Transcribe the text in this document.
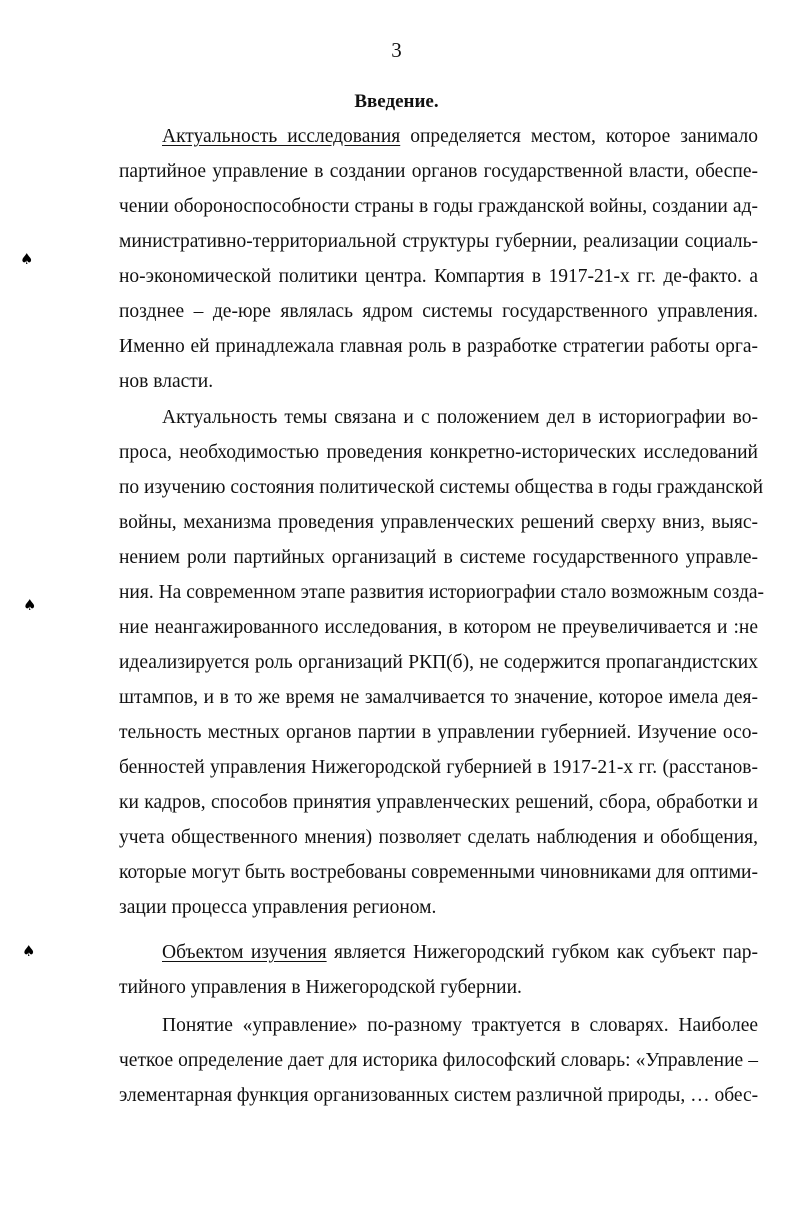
3
Введение.
♠
♠
♠
Актуальность исследования определяется местом, которое занимало
партийное управление в создании органов государственной власти, обеспе-
чении обороноспособности страны в годы гражданской войны, создании ад-
министративно-территориальной структуры губернии, реализации социаль-
но-экономической политики центра. Компартия в 1917-21-х гг. де-факто. а
позднее – де-юре являлась ядром системы государственного управления.
Именно ей принадлежала главная роль в разработке стратегии работы орга-
нов власти.
Актуальность темы связана и с положением дел в историографии во-
проса, необходимостью проведения конкретно-исторических исследований
по изучению состояния политической системы общества в годы гражданской
войны, механизма проведения управленческих решений сверху вниз, выяс-
нением роли партийных организаций в системе государственного управле-
ния. На современном этапе развития историографии стало возможным созда-
ние неангажированного исследования, в котором не преувеличивается и :не
идеализируется роль организаций РКП(б), не содержится пропагандистских
штампов, и в то же время не замалчивается то значение, которое имела дея-
тельность местных органов партии в управлении губернией. Изучение осо-
бенностей управления Нижегородской губернией в 1917-21-х гг. (расстанов-
ки кадров, способов принятия управленческих решений, сбора, обработки и
учета общественного мнения) позволяет сделать наблюдения и обобщения,
которые могут быть востребованы современными чиновниками для оптими-
зации процесса управления регионом.
Объектом изучения является Нижегородский губком как субъект пар-
тийного управления в Нижегородской губернии.
Понятие «управление» по-разному трактуется в словарях. Наиболее
четкое определение дает для историка философский словарь: «Управление –
элементарная функция организованных систем различной природы, … обес-
